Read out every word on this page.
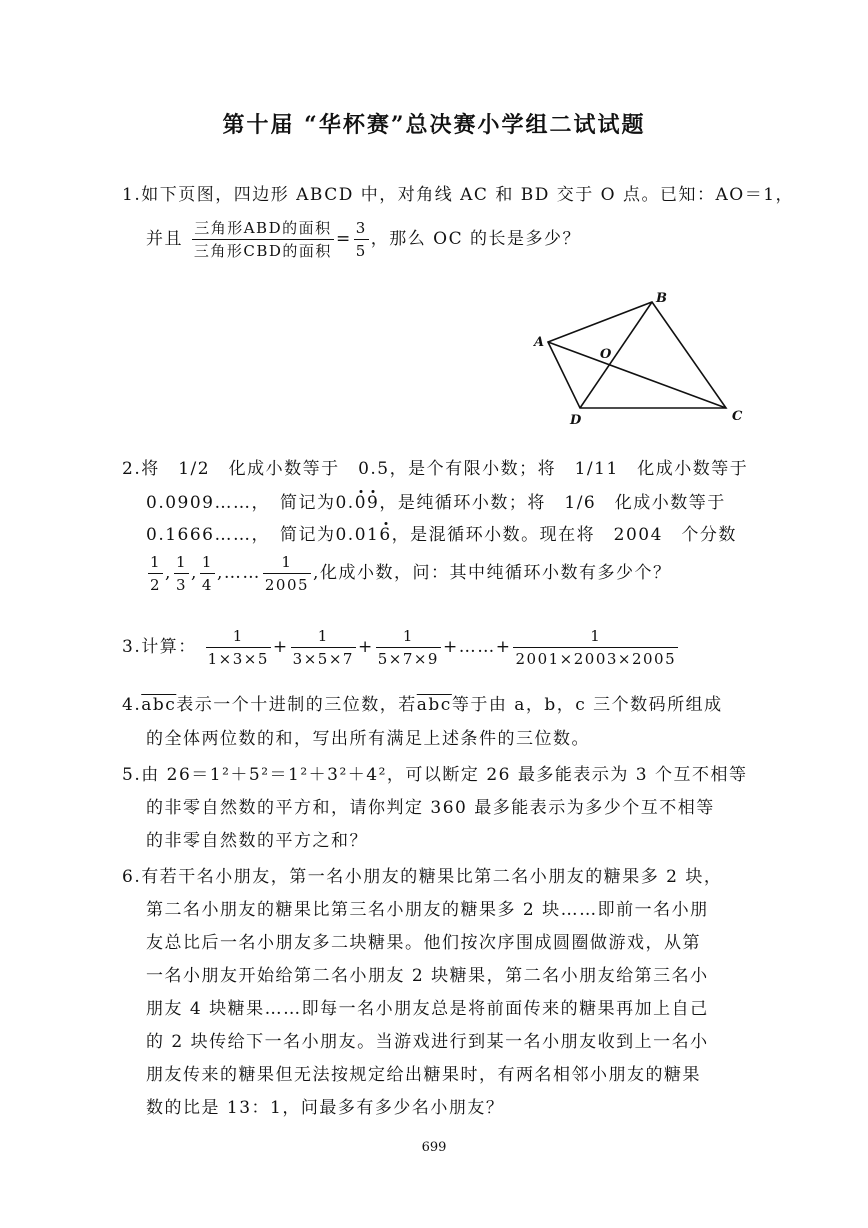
第十届 “华杯赛”总决赛小学组二试试题
1.如下页图，四边形 ABCD 中，对角线 AC 和 BD 交于 O 点。已知：AO＝1，
并且 $\frac{\text{三角形ABD的面积}}{\text{三角形CBD的面积}} = \frac{3}{5}$ ，那么 OC 的长是多少？
A
B
C
D
O
2.将　1/2　化成小数等于　0.5，是个有限小数；将　1/11　化成小数等于
0.0909……，　简记为0.09，是纯循环小数；将　1/6　化成小数等于
0.1666……，　简记为0.016，是混循环小数。现在将　2004　个分数
$\frac{1}{2}$ , $\frac{1}{3}$ , $\frac{1}{4}$ ,…… $\frac{1}{2005}$ ,化成小数，问：其中纯循环小数有多少个？
3.计算： $\frac{1}{1\times 3\times 5} + \frac{1}{3\times 5\times 7} + \frac{1}{5\times 7\times 9}$ +……+ $\frac{1}{2001\times 2003\times 2005}$
$4.\overline{abc}$表示一个十进制的三位数，若$\overline{abc}$等于由 a，b，c 三个数码所组成
的全体两位数的和，写出所有满足上述条件的三位数。
5.由 26＝1²＋5²＝1²＋3²＋4²，可以断定 26 最多能表示为 3 个互不相等
的非零自然数的平方和，请你判定 360 最多能表示为多少个互不相等
的非零自然数的平方之和？
6.有若干名小朋友，第一名小朋友的糖果比第二名小朋友的糖果多 2 块，
第二名小朋友的糖果比第三名小朋友的糖果多 2 块……即前一名小朋
友总比后一名小朋友多二块糖果。他们按次序围成圆圈做游戏，从第
一名小朋友开始给第二名小朋友 2 块糖果，第二名小朋友给第三名小
朋友 4 块糖果……即每一名小朋友总是将前面传来的糖果再加上自己
的 2 块传给下一名小朋友。当游戏进行到某一名小朋友收到上一名小
朋友传来的糖果但无法按规定给出糖果时，有两名相邻小朋友的糖果
数的比是 13：1，问最多有多少名小朋友？
699
